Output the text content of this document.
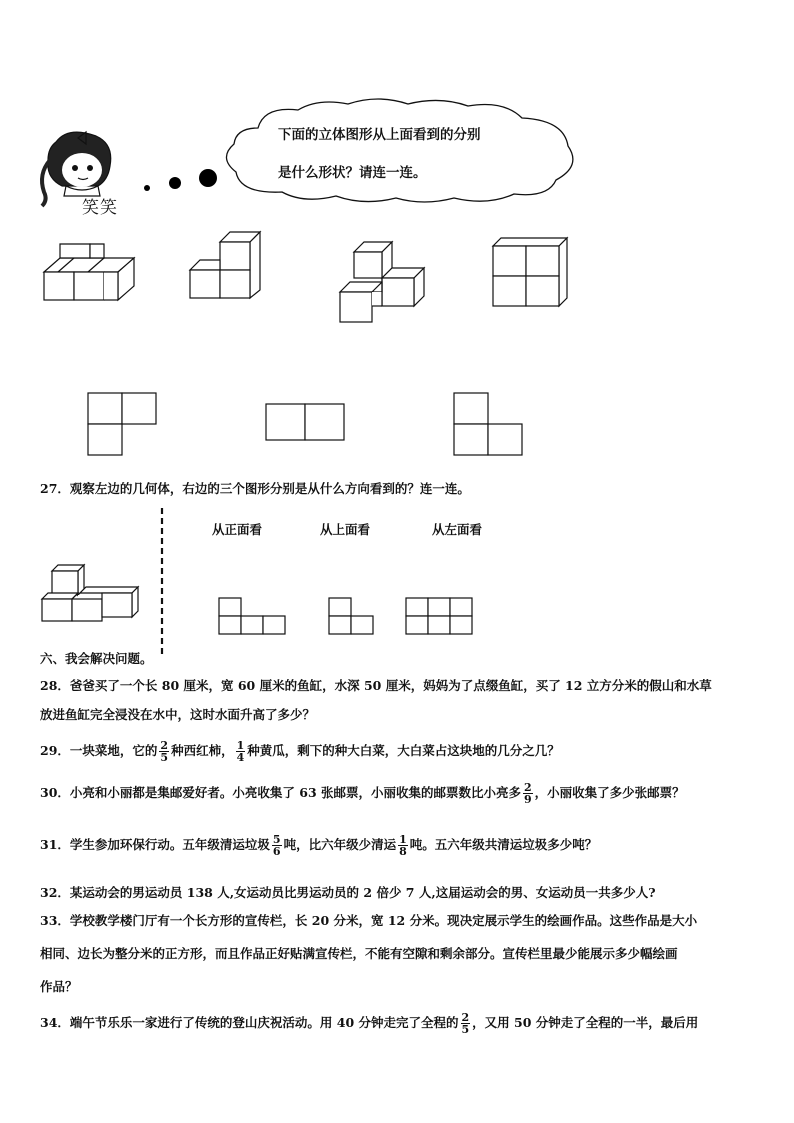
笑笑
下面的立体图形从上面看到的分别
是什么形状？请连一连。
27．观察左边的几何体，右边的三个图形分别是从什么方向看到的？连一连。
从正面看	从上面看	从左面看
六、我会解决问题。
28．爸爸买了一个长 80 厘米，宽 60 厘米的鱼缸，水深 50 厘米，妈妈为了点缀鱼缸，买了 12 立方分米的假山和水草
放进鱼缸完全浸没在水中，这时水面升高了多少？
29．一块菜地，它的 $\frac{2}{5}$ 种西红柿， $\frac{1}{4}$ 种黄瓜，剩下的种大白菜，大白菜占这块地的几分之几？
30．小亮和小丽都是集邮爱好者。小亮收集了 63 张邮票，小丽收集的邮票数比小亮多 $\frac{2}{9}$ ，小丽收集了多少张邮票？
31．学生参加环保行动。五年级清运垃圾 $\frac{5}{6}$ 吨，比六年级少清运 $\frac{1}{8}$ 吨。五六年级共清运垃圾多少吨？
32．某运动会的男运动员 138 人,女运动员比男运动员的 2 倍少 7 人,这届运动会的男、女运动员一共多少人?
33．学校教学楼门厅有一个长方形的宣传栏，长 20 分米，宽 12 分米。现决定展示学生的绘画作品。这些作品是大小
相同、边长为整分米的正方形，而且作品正好贴满宣传栏，不能有空隙和剩余部分。宣传栏里最少能展示多少幅绘画
作品？
34．端午节乐乐一家进行了传统的登山庆祝活动。用 40 分钟走完了全程的 $\frac{2}{5}$ ，又用 50 分钟走了全程的一半，最后用
